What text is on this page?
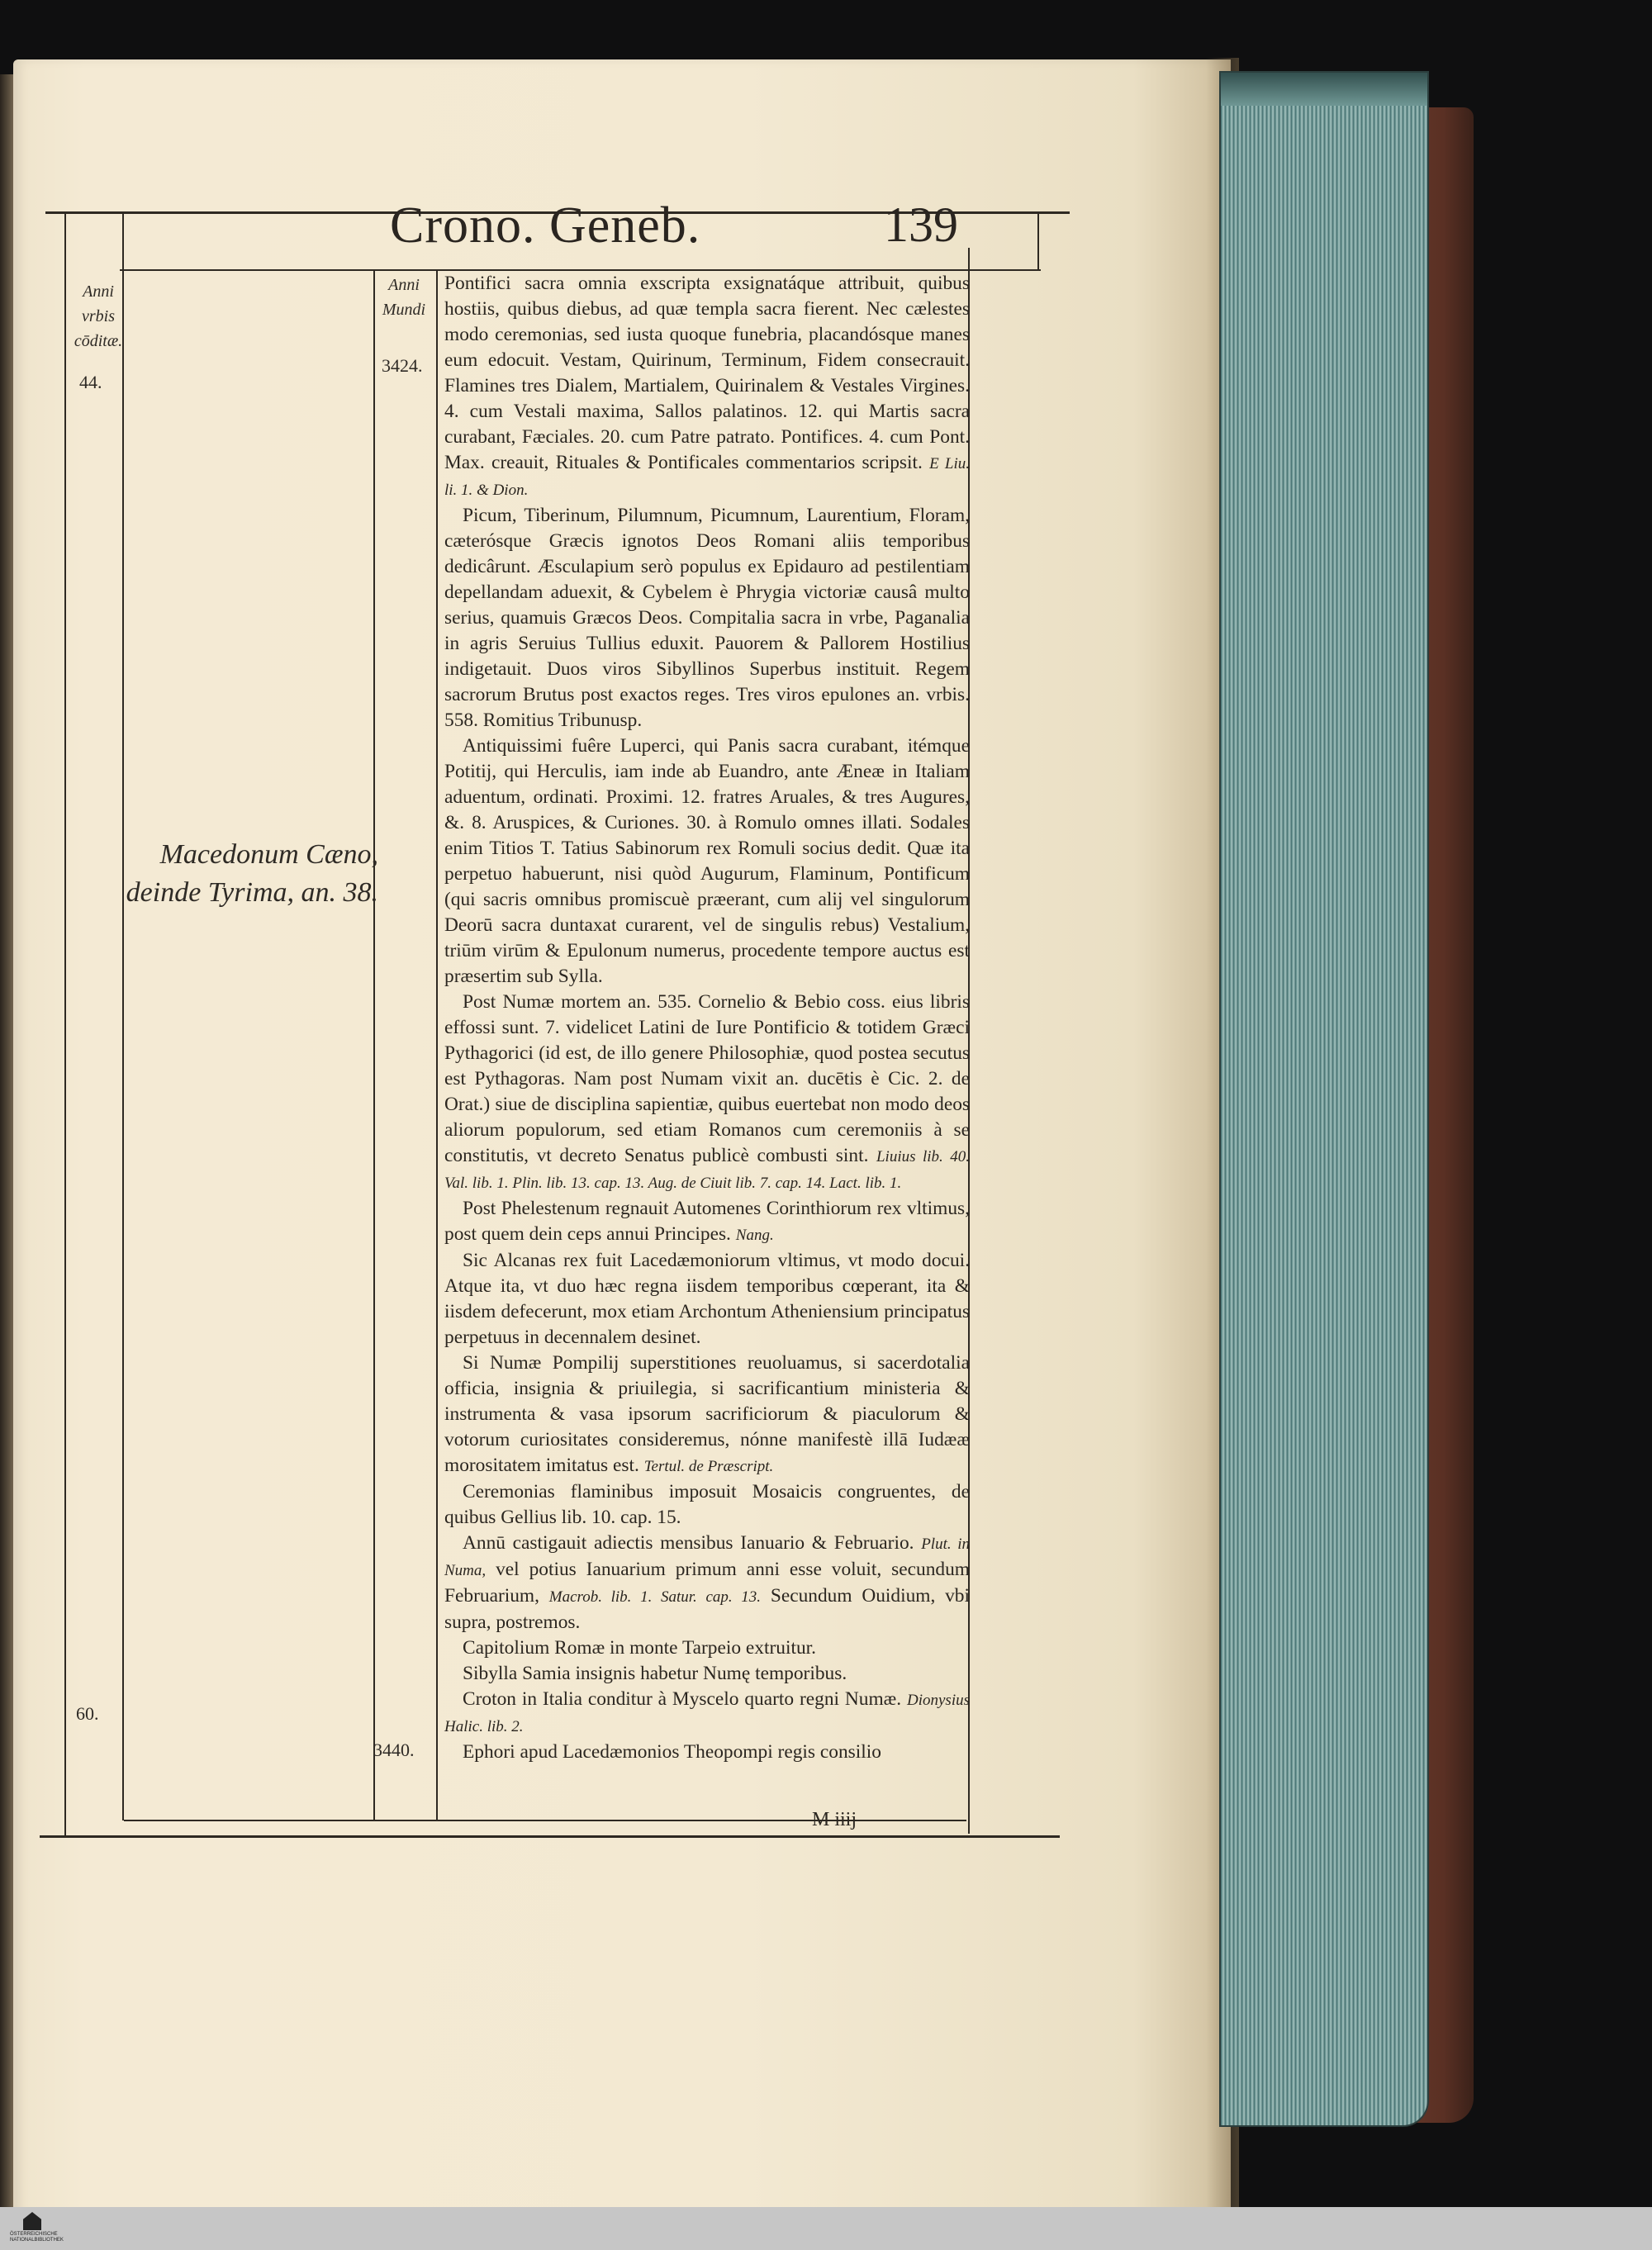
Crono. Geneb.	139
Anni vrbis cōditæ.
Anni Mundi
44.
3424.
60.
3440.
Macedonum Cæno, deinde Tyrima, an. 38.

Pontifici sacra omnia exscripta exsignatáque attribuit, quibus hostiis, quibus diebus, ad quæ templa sacra fierent. Nec cælestes modo ceremonias, sed iusta quoque funebria, placandósque manes eum edocuit. Vestam, Quirinum, Terminum, Fidem consecrauit. Flamines tres Dialem, Martialem, Quirinalem & Vestales Virgines. 4. cum Vestali maxima, Sallos palatinos. 12. qui Martis sacra curabant, Fæciales. 20. cum Patre patrato. Pontifices. 4. cum Pont. Max. creauit, Rituales & Pontificales commentarios scripsit. E Liu. li. 1. & Dion.

Picum, Tiberinum, Pilumnum, Picumnum, Laurentium, Floram, cæterósque Græcis ignotos Deos Romani aliis temporibus dedicârunt. Æsculapium serò populus ex Epidauro ad pestilentiam depellandam aduexit, & Cybelem è Phrygia victoriæ causâ multo serius, quamuis Græcos Deos. Compitalia sacra in vrbe, Paganalia in agris Seruius Tullius eduxit. Pauorem & Pallorem Hostilius indigetauit. Duos viros Sibyllinos Superbus instituit. Regem sacrorum Brutus post exactos reges. Tres viros epulones an. vrbis. 558. Romitius Tribunusp.

Antiquissimi fuêre Luperci, qui Panis sacra curabant, itémque Potitij, qui Herculis, iam inde ab Euandro, ante Æneæ in Italiam aduentum, ordinati. Proximi. 12. fratres Aruales, & tres Augures, &. 8. Aruspices, & Curiones. 30. à Romulo omnes illati. Sodales enim Titios T. Tatius Sabinorum rex Romuli socius dedit. Quæ ita perpetuo habuerunt, nisi quòd Augurum, Flaminum, Pontificum (qui sacris omnibus promiscuè præerant, cum alij vel singulorum Deorū sacra duntaxat curarent, vel de singulis rebus) Vestalium, triūm virūm & Epulonum numerus, procedente tempore auctus est præsertim sub Sylla.

Post Numæ mortem an. 535. Cornelio & Bebio coss. eius libris effossi sunt. 7. videlicet Latini de Iure Pontificio & totidem Græci Pythagorici (id est, de illo genere Philosophiæ, quod postea secutus est Pythagoras. Nam post Numam vixit an. ducētis è Cic. 2. de Orat.) siue de disciplina sapientiæ, quibus euertebat non modo deos aliorum populorum, sed etiam Romanos cum ceremoniis à se constitutis, vt decreto Senatus publicè combusti sint. Liuius lib. 40. Val. lib. 1. Plin. lib. 13. cap. 13. Aug. de Ciuit lib. 7. cap. 14. Lact. lib. 1.

Post Phelestenum regnauit Automenes Corinthiorum rex vltimus, post quem dein ceps annui Principes. Nang.

Sic Alcanas rex fuit Lacedæmoniorum vltimus, vt modo docui. Atque ita, vt duo hæc regna iisdem temporibus cœperant, ita & iisdem defecerunt, mox etiam Archontum Atheniensium principatus perpetuus in decennalem desinet.

Si Numæ Pompilij superstitiones reuoluamus, si sacerdotalia officia, insignia & priuilegia, si sacrificantium ministeria & instrumenta & vasa ipsorum sacrificiorum & piaculorum & votorum curiositates consideremus, nónne manifestè illā Iudææ morositatem imitatus est. Tertul. de Præscript.

Ceremonias flaminibus imposuit Mosaicis congruentes, de quibus Gellius lib. 10. cap. 15.

Annū castigauit adiectis mensibus Ianuario & Februario. Plut. in Numa, vel potius Ianuarium primum anni esse voluit, secundum Februarium, Macrob. lib. 1. Satur. cap. 13. Secundum Ouidium, vbi supra, postremos.

Capitolium Romæ in monte Tarpeio extruitur.

Sibylla Samia insignis habetur Numę temporibus.

Croton in Italia conditur à Myscelo quarto regni Numæ. Dionysius Halic. lib. 2.

Ephori apud Lacedæmonios Theopompi regis consilio

M iiij
ÖSTERREICHISCHE NATIONALBIBLIOTHEK
